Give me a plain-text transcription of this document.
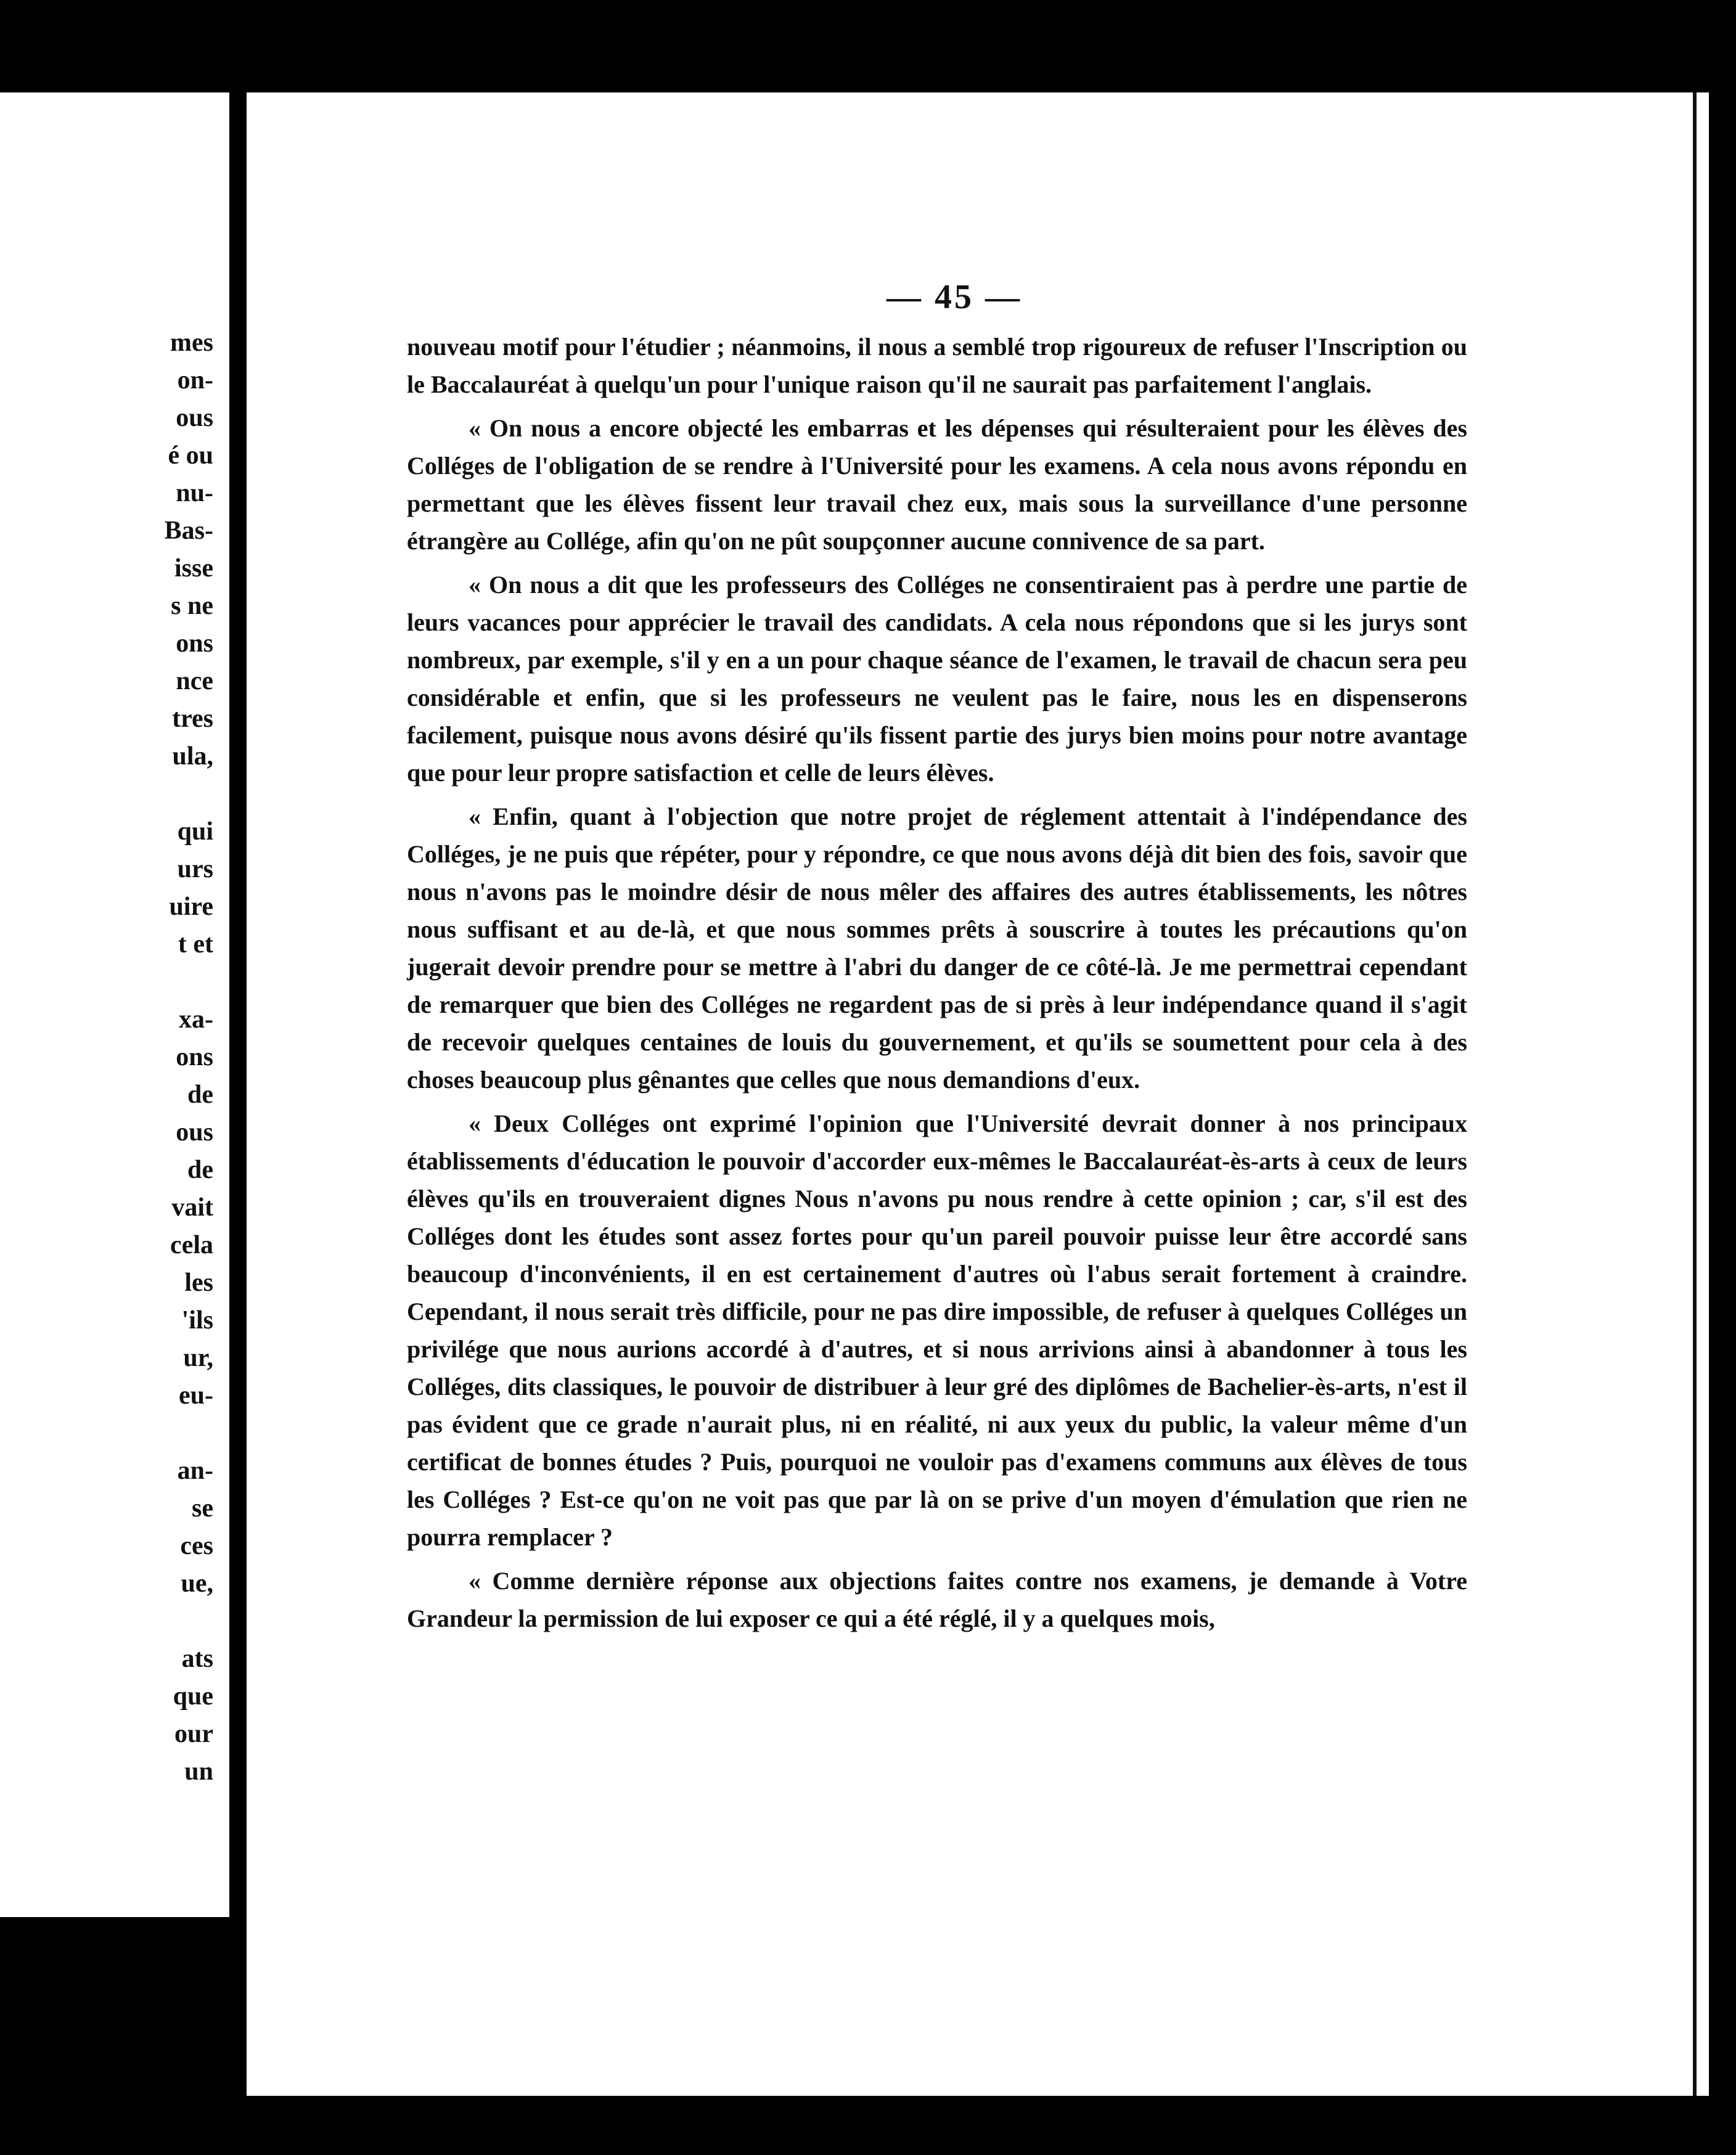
mes
on-
ous
é ou
nu-
Bas-
isse
s ne
ons
nce
tres
ula,
qui
urs
uire
t et
xa-
ons
de
ous
de
vait
cela
les
'ils
ur,
eu-
an-
se
ces
ue,
ats
que
our
un
— 45 —

nouveau motif pour l'étudier ; néanmoins, il nous a semblé trop rigoureux de refuser l'Inscription ou le Baccalauréat à quelqu'un pour l'unique raison qu'il ne saurait pas parfaitement l'anglais.

« On nous a encore objecté les embarras et les dépenses qui résulteraient pour les élèves des Colléges de l'obligation de se rendre à l'Université pour les examens. A cela nous avons répondu en permettant que les élèves fissent leur travail chez eux, mais sous la surveillance d'une personne étrangère au Collége, afin qu'on ne pût soupçonner aucune connivence de sa part.

« On nous a dit que les professeurs des Colléges ne consentiraient pas à perdre une partie de leurs vacances pour apprécier le travail des candidats. A cela nous répondons que si les jurys sont nombreux, par exemple, s'il y en a un pour chaque séance de l'examen, le travail de chacun sera peu considérable et enfin, que si les professeurs ne veulent pas le faire, nous les en dispenserons facilement, puisque nous avons désiré qu'ils fissent partie des jurys bien moins pour notre avantage que pour leur propre satisfaction et celle de leurs élèves.

« Enfin, quant à l'objection que notre projet de réglement attentait à l'indépendance des Colléges, je ne puis que répéter, pour y répondre, ce que nous avons déjà dit bien des fois, savoir que nous n'avons pas le moindre désir de nous mêler des affaires des autres établissements, les nôtres nous suffisant et au de-là, et que nous sommes prêts à souscrire à toutes les précautions qu'on jugerait devoir prendre pour se mettre à l'abri du danger de ce côté-là. Je me permettrai cependant de remarquer que bien des Colléges ne regardent pas de si près à leur indépendance quand il s'agit de recevoir quelques centaines de louis du gouvernement, et qu'ils se soumettent pour cela à des choses beaucoup plus gênantes que celles que nous demandions d'eux.

« Deux Colléges ont exprimé l'opinion que l'Université devrait donner à nos principaux établissements d'éducation le pouvoir d'accorder eux-mêmes le Baccalauréat-ès-arts à ceux de leurs élèves qu'ils en trouveraient dignes Nous n'avons pu nous rendre à cette opinion ; car, s'il est des Colléges dont les études sont assez fortes pour qu'un pareil pouvoir puisse leur être accordé sans beaucoup d'inconvénients, il en est certainement d'autres où l'abus serait fortement à craindre. Cependant, il nous serait très difficile, pour ne pas dire impossible, de refuser à quelques Colléges un privilége que nous aurions accordé à d'autres, et si nous arrivions ainsi à abandonner à tous les Colléges, dits classiques, le pouvoir de distribuer à leur gré des diplômes de Bachelier-ès-arts, n'est il pas évident que ce grade n'aurait plus, ni en réalité, ni aux yeux du public, la valeur même d'un certificat de bonnes études ? Puis, pourquoi ne vouloir pas d'examens communs aux élèves de tous les Colléges ? Est-ce qu'on ne voit pas que par là on se prive d'un moyen d'émulation que rien ne pourra remplacer ?

« Comme dernière réponse aux objections faites contre nos examens, je demande à Votre Grandeur la permission de lui exposer ce qui a été réglé, il y a quelques mois,
